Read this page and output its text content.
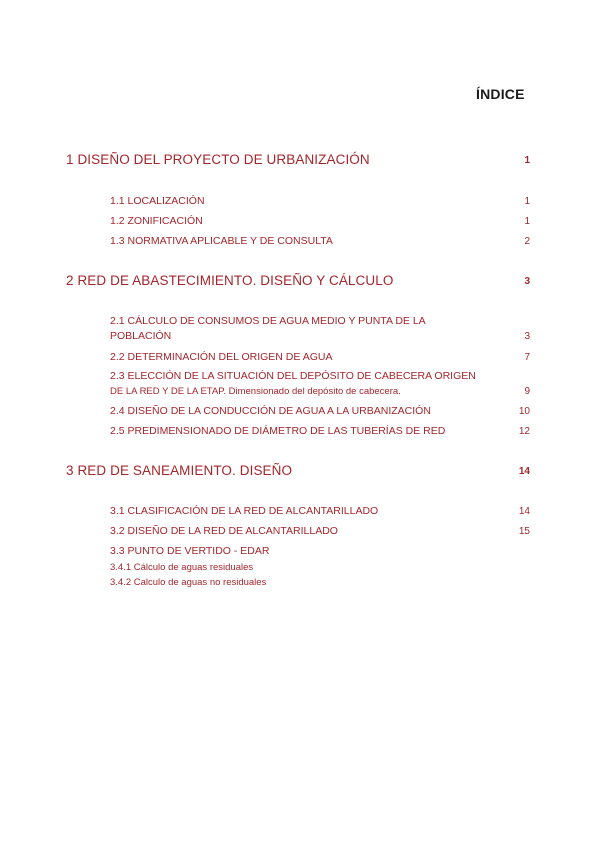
ÍNDICE
1 DISEÑO DEL PROYECTO DE URBANIZACIÓN	1
1.1 LOCALIZACIÓN	1
1.2 ZONIFICACIÓN	1
1.3 NORMATIVA APLICABLE Y DE CONSULTA	2
2 RED DE ABASTECIMIENTO. DISEÑO Y CÁLCULO	3
2.1 CÁLCULO DE CONSUMOS DE AGUA MEDIO Y PUNTA DE LA
POBLACIÓN	3
2.2 DETERMINACIÓN DEL ORIGEN DE AGUA	7
2.3 ELECCIÓN DE LA SITUACIÓN DEL DEPÓSITO DE CABECERA ORIGEN
DE LA RED Y DE LA ETAP. Dimensionado del depósito de cabecera.	9
2.4 DISEÑO DE LA CONDUCCIÓN DE AGUA A LA URBANIZACIÓN	10
2.5 PREDIMENSIONADO DE DIÁMETRO DE LAS TUBERÍAS DE RED	12
3 RED DE SANEAMIENTO. DISEÑO	14
3.1 CLASIFICACIÓN DE LA RED DE ALCANTARILLADO	14
3.2 DISEÑO DE LA RED DE ALCANTARILLADO	15
3.3 PUNTO DE VERTIDO - EDAR
3.4.1 Cálculo de aguas residuales
3.4.2 Calculo de aguas no residuales
